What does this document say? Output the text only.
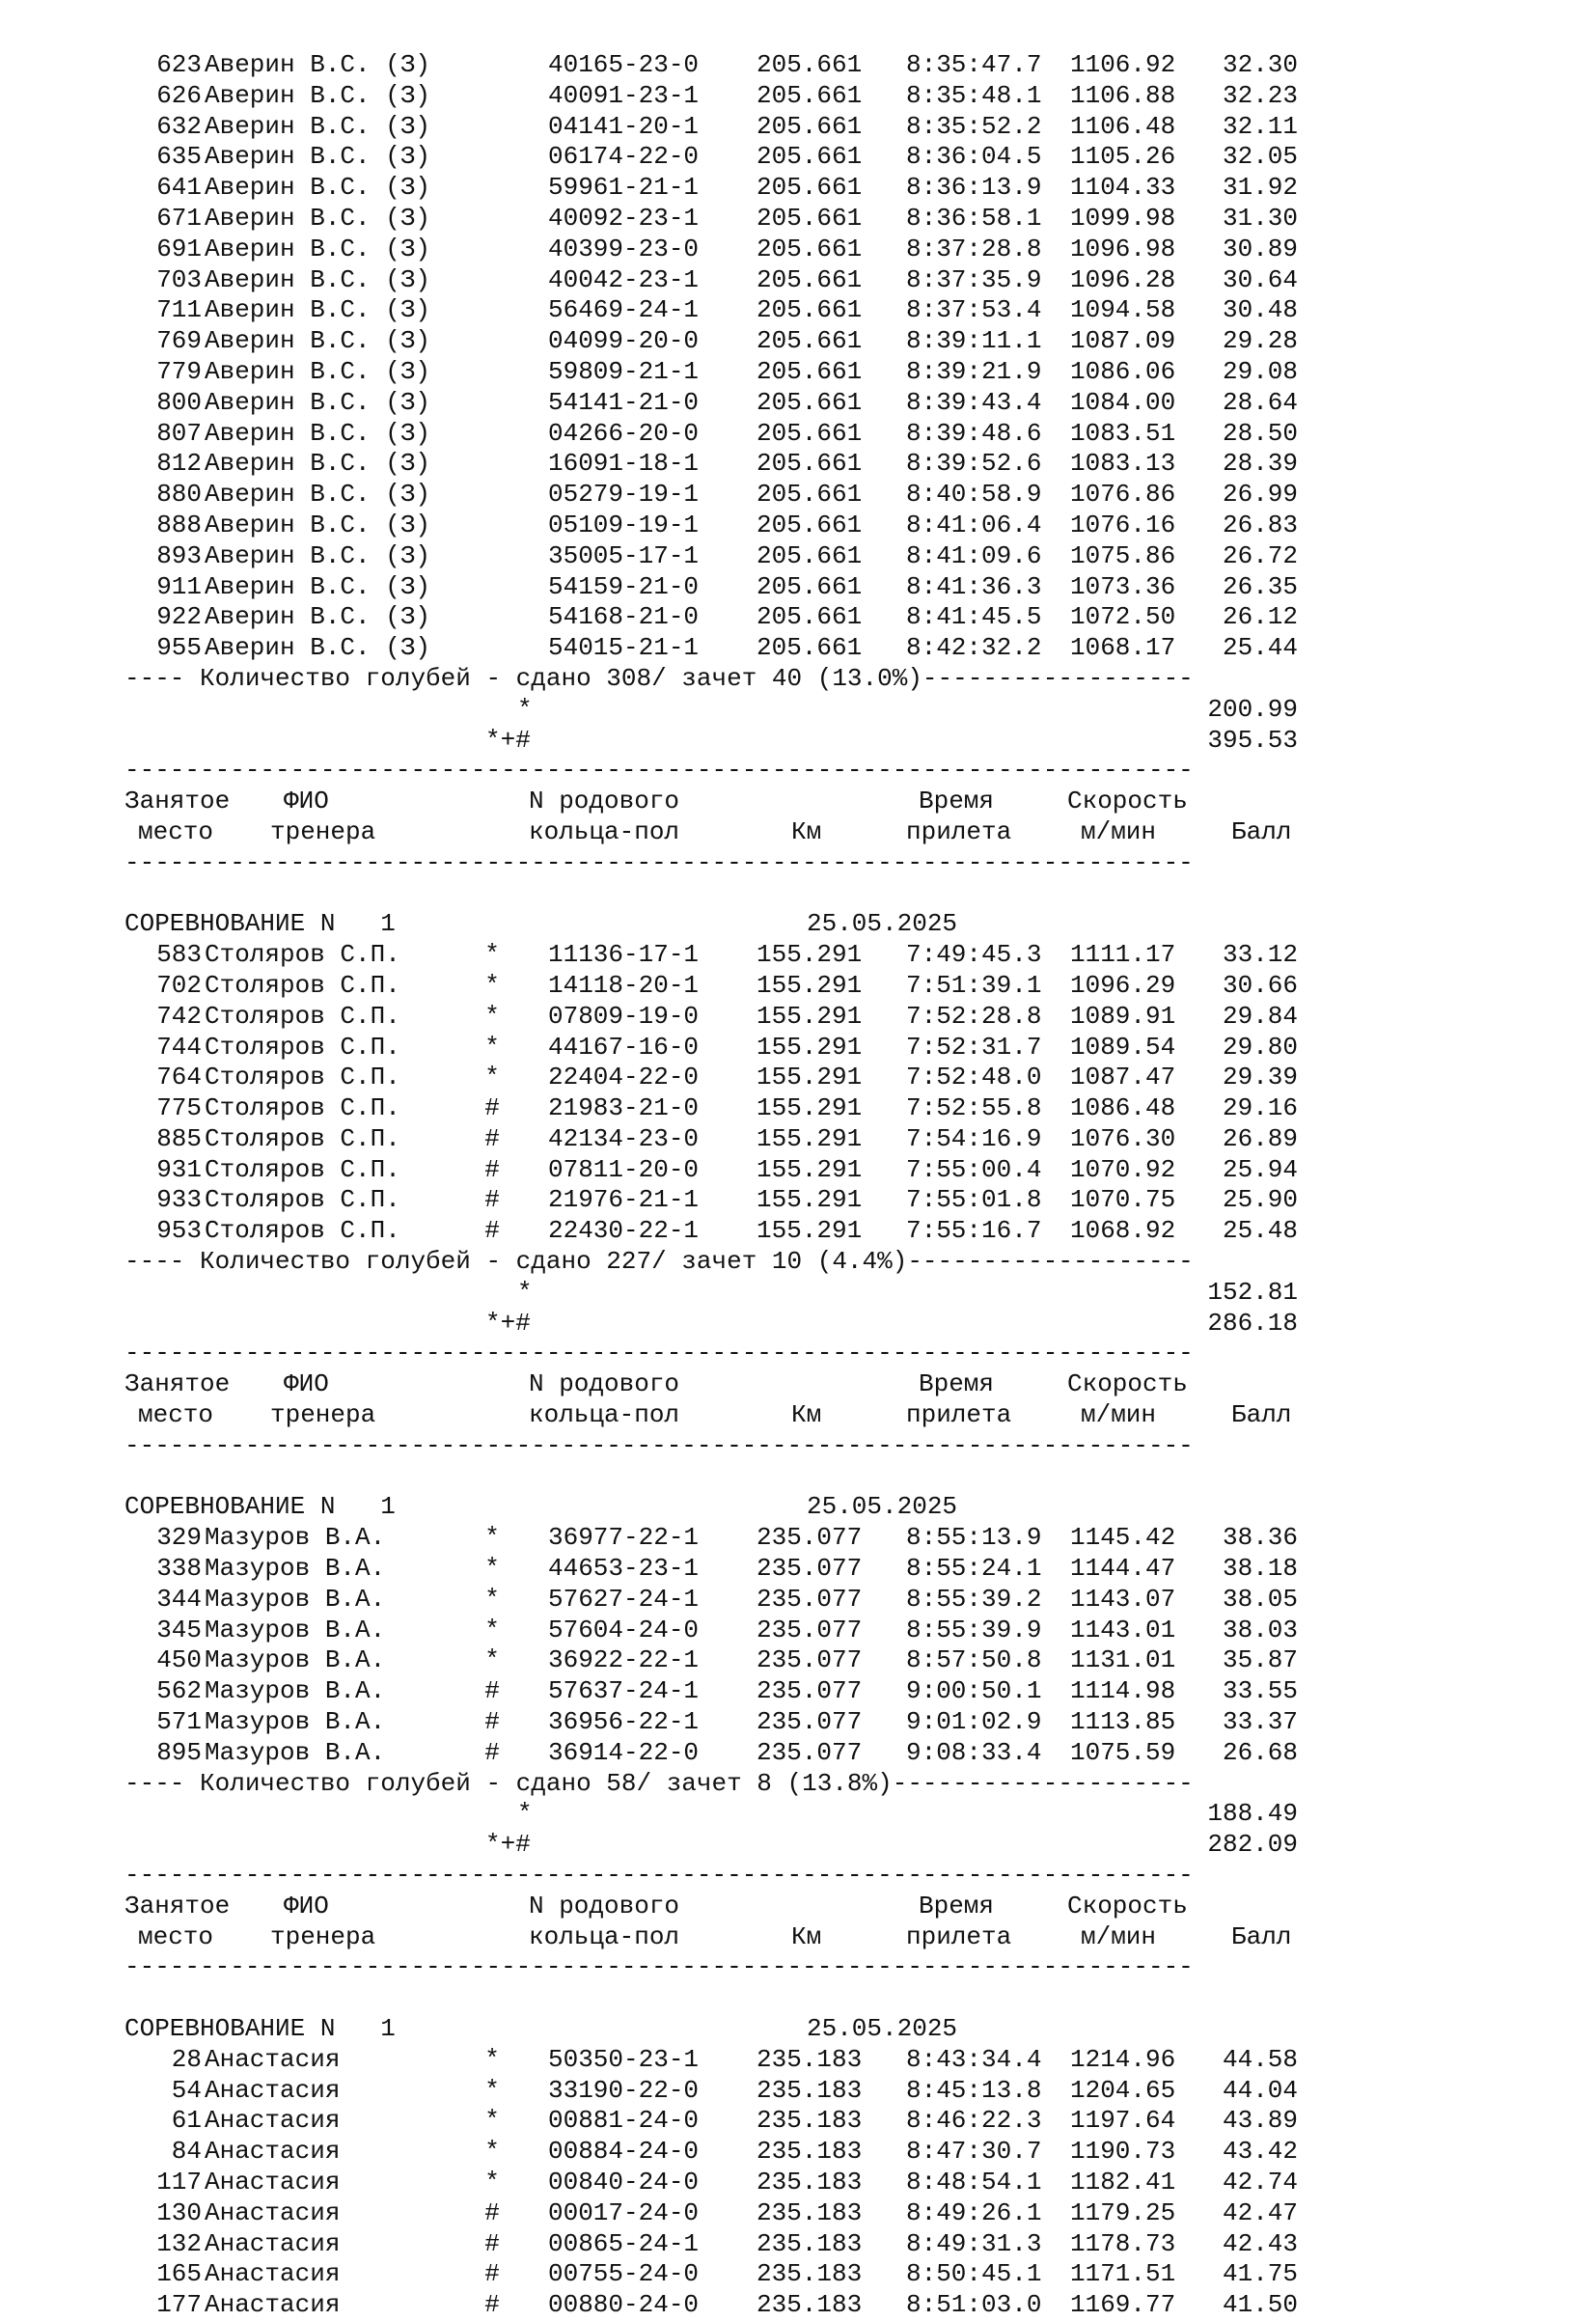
623 Аверин В.С. (З)	40165-23-0 205.661 8:35:47.7 1106.92	32.30
626 Аверин В.С. (З)	40091-23-1 205.661 8:35:48.1 1106.88	32.23
632 Аверин В.С. (З)	04141-20-1 205.661 8:35:52.2 1106.48	32.11
635 Аверин В.С. (З)	06174-22-0 205.661 8:36:04.5 1105.26	32.05
641 Аверин В.С. (З)	59961-21-1 205.661 8:36:13.9 1104.33	31.92
671 Аверин В.С. (З)	40092-23-1 205.661 8:36:58.1 1099.98	31.30
691 Аверин В.С. (З)	40399-23-0 205.661 8:37:28.8 1096.98	30.89
703 Аверин В.С. (З)	40042-23-1 205.661 8:37:35.9 1096.28	30.64
711 Аверин В.С. (З)	56469-24-1 205.661 8:37:53.4 1094.58	30.48
769 Аверин В.С. (З)	04099-20-0 205.661 8:39:11.1 1087.09	29.28
779 Аверин В.С. (З)	59809-21-1 205.661 8:39:21.9 1086.06	29.08
800 Аверин В.С. (З)	54141-21-0 205.661 8:39:43.4 1084.00	28.64
807 Аверин В.С. (З)	04266-20-0 205.661 8:39:48.6 1083.51	28.50
812 Аверин В.С. (З)	16091-18-1 205.661 8:39:52.6 1083.13	28.39
880 Аверин В.С. (З)	05279-19-1 205.661 8:40:58.9 1076.86	26.99
888 Аверин В.С. (З)	05109-19-1 205.661 8:41:06.4 1076.16	26.83
893 Аверин В.С. (З)	35005-17-1 205.661 8:41:09.6 1075.86	26.72
911 Аверин В.С. (З)	54159-21-0 205.661 8:41:36.3 1073.36	26.35
922 Аверин В.С. (З)	54168-21-0 205.661 8:41:45.5 1072.50	26.12
955 Аверин В.С. (З)	54015-21-1 205.661 8:42:32.2 1068.17	25.44
---- Количество голубей - сдано 308/ зачет 40 (13.0%)------------------
*	200.99
*+#	395.53
-----------------------------------------------------------------------
Занятое ФИО	N родового	Время	Скорость
место тренера	кольца-пол	Км	прилета	м/мин	Балл
-----------------------------------------------------------------------
СОРЕВНОВАНИЕ N   1	25.05.2025
583 Столяров С.П.	* 11136-17-1 155.291 7:49:45.3 1111.17	33.12
702 Столяров С.П.	* 14118-20-1 155.291 7:51:39.1 1096.29	30.66
742 Столяров С.П.	* 07809-19-0 155.291 7:52:28.8 1089.91	29.84
744 Столяров С.П.	* 44167-16-0 155.291 7:52:31.7 1089.54	29.80
764 Столяров С.П.	* 22404-22-0 155.291 7:52:48.0 1087.47	29.39
775 Столяров С.П.	# 21983-21-0 155.291 7:52:55.8 1086.48	29.16
885 Столяров С.П.	# 42134-23-0 155.291 7:54:16.9 1076.30	26.89
931 Столяров С.П.	# 07811-20-0 155.291 7:55:00.4 1070.92	25.94
933 Столяров С.П.	# 21976-21-1 155.291 7:55:01.8 1070.75	25.90
953 Столяров С.П.	# 22430-22-1 155.291 7:55:16.7 1068.92	25.48
---- Количество голубей - сдано 227/ зачет 10 (4.4%)-------------------
*	152.81
*+#	286.18
-----------------------------------------------------------------------
Занятое ФИО	N родового	Время	Скорость
место тренера	кольца-пол	Км	прилета	м/мин	Балл
-----------------------------------------------------------------------
СОРЕВНОВАНИЕ N   1	25.05.2025
329 Мазуров В.А.	* 36977-22-1 235.077 8:55:13.9 1145.42	38.36
338 Мазуров В.А.	* 44653-23-1 235.077 8:55:24.1 1144.47	38.18
344 Мазуров В.А.	* 57627-24-1 235.077 8:55:39.2 1143.07	38.05
345 Мазуров В.А.	* 57604-24-0 235.077 8:55:39.9 1143.01	38.03
450 Мазуров В.А.	* 36922-22-1 235.077 8:57:50.8 1131.01	35.87
562 Мазуров В.А.	# 57637-24-1 235.077 9:00:50.1 1114.98	33.55
571 Мазуров В.А.	# 36956-22-1 235.077 9:01:02.9 1113.85	33.37
895 Мазуров В.А.	# 36914-22-0 235.077 9:08:33.4 1075.59	26.68
---- Количество голубей - сдано 58/ зачет 8 (13.8%)--------------------
*	188.49
*+#	282.09
-----------------------------------------------------------------------
Занятое ФИО	N родового	Время	Скорость
место тренера	кольца-пол	Км	прилета	м/мин	Балл
-----------------------------------------------------------------------
СОРЕВНОВАНИЕ N   1	25.05.2025
28 Анастасия	* 50350-23-1 235.183 8:43:34.4 1214.96	44.58
54 Анастасия	* 33190-22-0 235.183 8:45:13.8 1204.65	44.04
61 Анастасия	* 00881-24-0 235.183 8:46:22.3 1197.64	43.89
84 Анастасия	* 00884-24-0 235.183 8:47:30.7 1190.73	43.42
117 Анастасия	* 00840-24-0 235.183 8:48:54.1 1182.41	42.74
130 Анастасия	# 00017-24-0 235.183 8:49:26.1 1179.25	42.47
132 Анастасия	# 00865-24-1 235.183 8:49:31.3 1178.73	42.43
165 Анастасия	# 00755-24-0 235.183 8:50:45.1 1171.51	41.75
177 Анастасия	# 00880-24-0 235.183 8:51:03.0 1169.77	41.50
